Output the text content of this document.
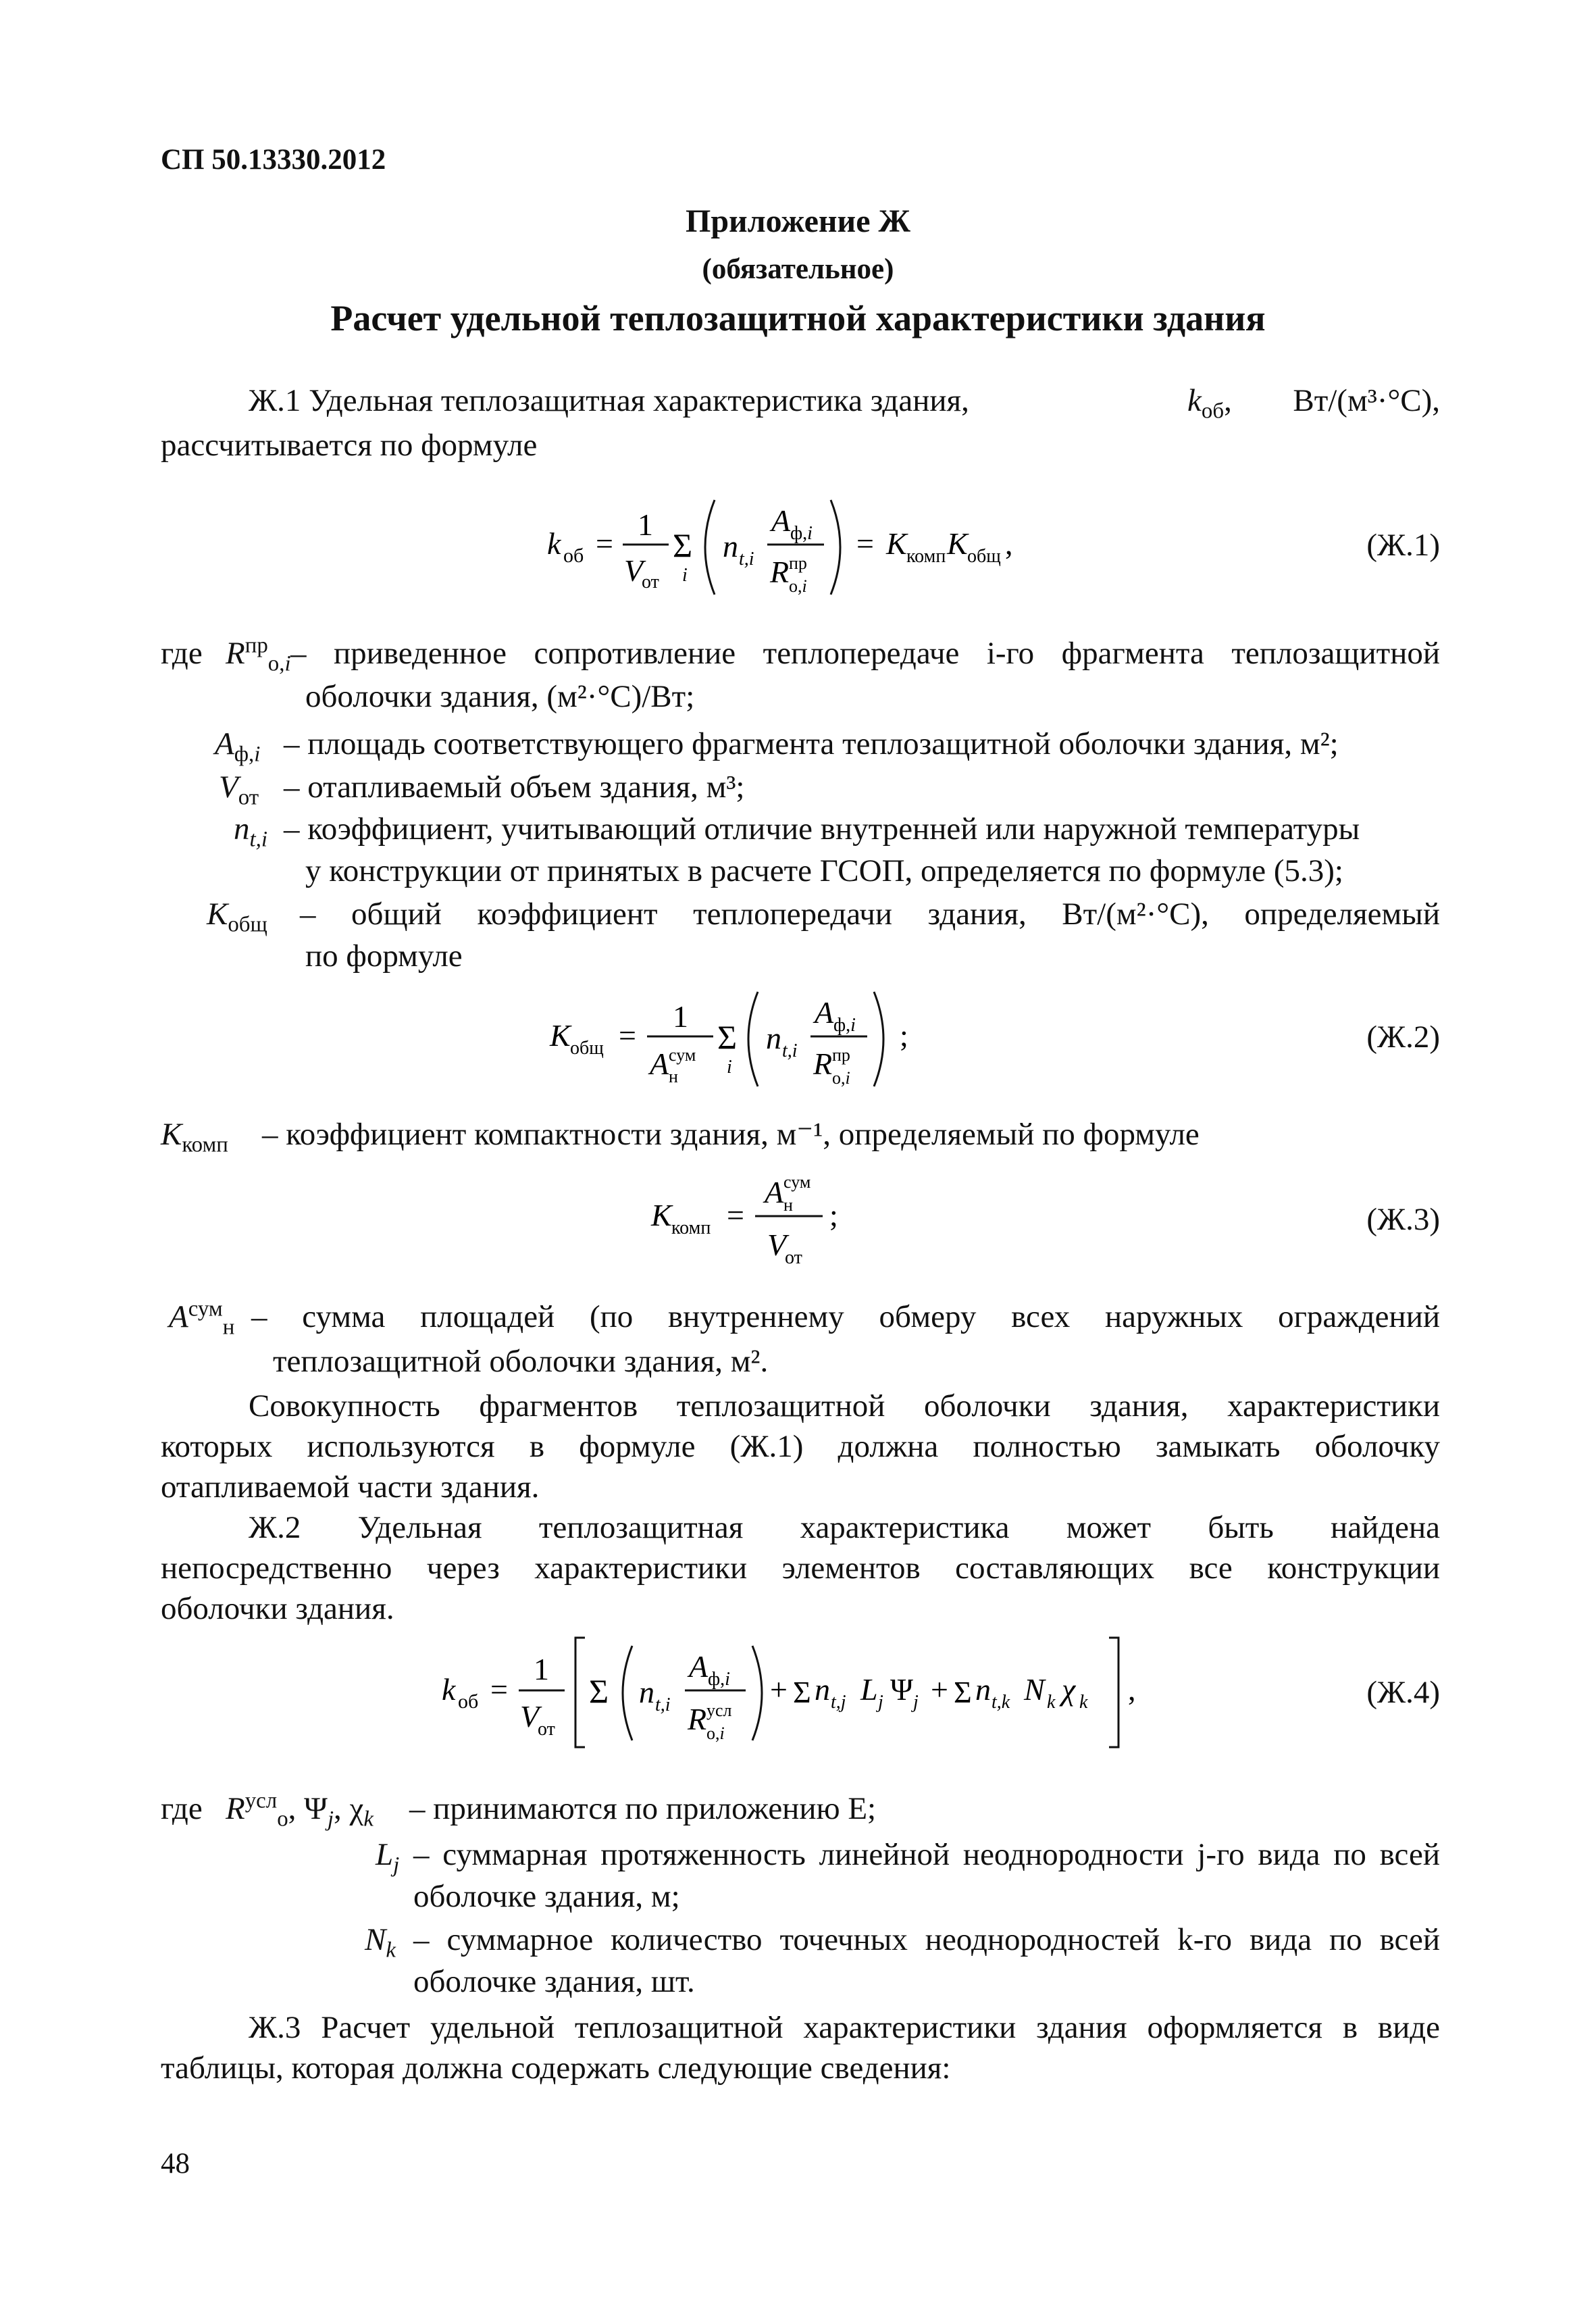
СП 50.13330.2012
Приложение Ж
(обязательное)
Расчет удельной теплозащитной характеристики здания
Ж.1 Удельная теплозащитная характеристика здания,	$k_{об}$,	Вт/(м³·°С),
рассчитывается по формуле
k об =
1
V
от
Σ
i
n t,i
A ф,i
R пр
о,i
= K комп K общ ,	(Ж.1)
где $R^{пр}_{о,i}$ – приведенное сопротивление теплопередаче i-го фрагмента теплозащитной
оболочки здания, (м²·°С)/Вт;
$A_{ф,i}$ – площадь соответствующего фрагмента теплозащитной оболочки здания, м²;
$V_{от}$ – отапливаемый объем здания, м³;
$n_{t,i}$ – коэффициент, учитывающий отличие внутренней или наружной температуры
у конструкции от принятых в расчете ГСОП, определяется по формуле (5.3);
$K_{общ}$ – общий коэффициент теплопередачи здания, Вт/(м²·°С), определяемый
по формуле
K общ =
1
A сум
н
Σ
i
n t,i
A ф,i
R пр
о,i
;	(Ж.2)
$K_{комп}$ – коэффициент компактности здания, м⁻¹, определяемый по формуле
K комп =
A сум
н
V
от
;	(Ж.3)
$A^{сум}_н$ – сумма площадей (по внутреннему обмеру всех наружных ограждений
теплозащитной оболочки здания, м².
Совокупность фрагментов теплозащитной оболочки здания, характеристики
которых используются в формуле (Ж.1) должна полностью замыкать оболочку
отапливаемой части здания.
Ж.2 Удельная теплозащитная характеристика может быть найдена
непосредственно через характеристики элементов составляющих все конструкции
оболочки здания.
k об =
1
V
от
Σ n t,i
A ф,i
R усл
о,i
+ Σ n t,j L j Ψ j + Σ n t,k N k χ k ,	(Ж.4)
где $R^{усл}_о$, $\Psi_j$, $\chi_k$ – принимаются по приложению Е;
$L_j$ – суммарная протяженность линейной неоднородности j-го вида по всей
оболочке здания, м;
$N_k$ – суммарное количество точечных неоднородностей k-го вида по всей
оболочке здания, шт.
Ж.3 Расчет удельной теплозащитной характеристики здания оформляется в виде
таблицы, которая должна содержать следующие сведения:
48
